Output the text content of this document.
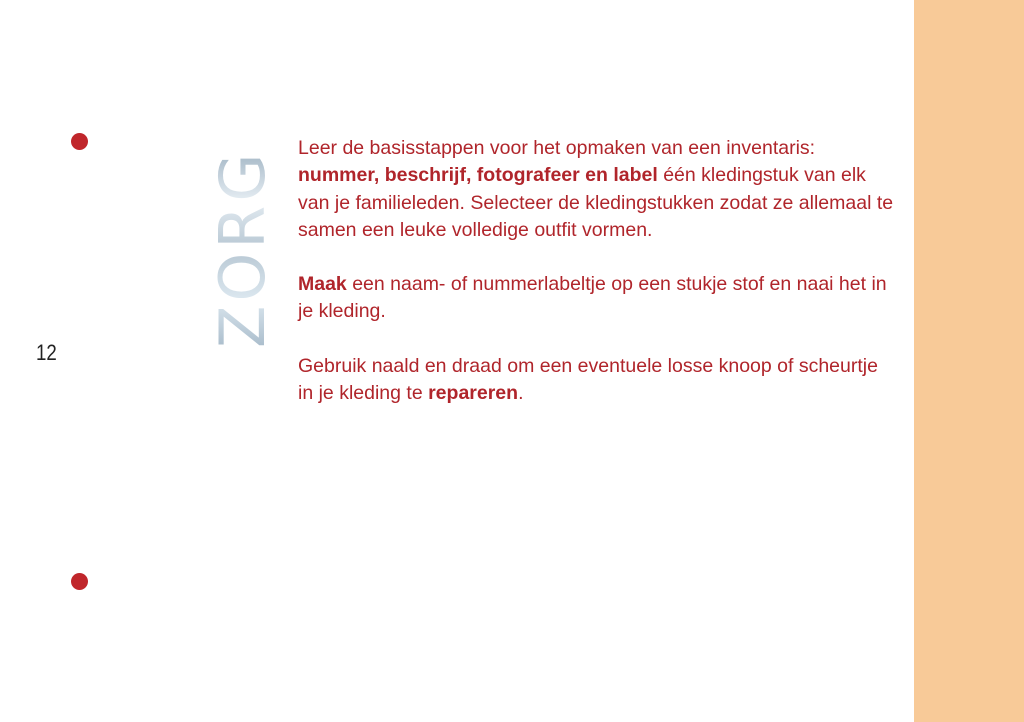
12
ZORG

Leer de basisstappen voor het opmaken van een inventaris:
nummer, beschrijf, fotografeer en label één kledingstuk van elk van je familieleden. Selecteer de kledingstukken zodat ze allemaal te samen een leuke volledige outfit vormen.

Maak een naam- of nummerlabeltje op een stukje stof en naai het in je kleding.

Gebruik naald en draad om een eventuele losse knoop of scheurtje in je kleding te repareren.
